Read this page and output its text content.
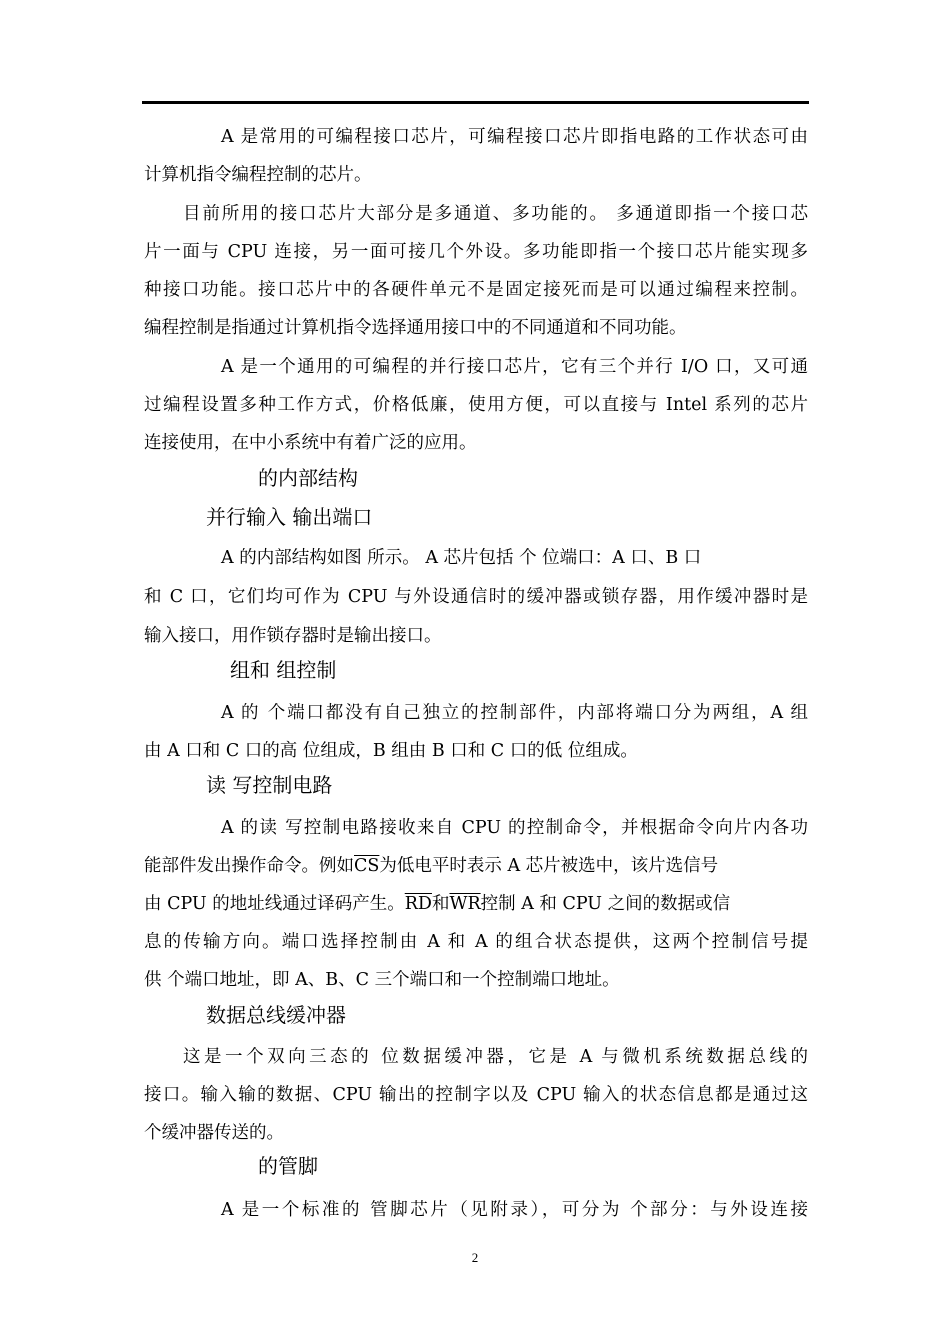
A 是常用的可编程接口芯片，可编程接口芯片即指电路的工作状态可由
计算机指令编程控制的芯片。
目前所用的接口芯片大部分是多通道、多功能的。 多通道即指一个接口芯
片一面与 CPU 连接，另一面可接几个外设。多功能即指一个接口芯片能实现多
种接口功能。接口芯片中的各硬件单元不是固定接死而是可以通过编程来控制。
编程控制是指通过计算机指令选择通用接口中的不同通道和不同功能。
A 是一个通用的可编程的并行接口芯片，它有三个并行 I/O 口，又可通
过编程设置多种工作方式，价格低廉，使用方便，可以直接与 Intel 系列的芯片
连接使用，在中小系统中有着广泛的应用。
的内部结构
并行输入 输出端口
A 的内部结构如图 所示。 A 芯片包括 个 位端口：A 口、B 口
和 C 口，它们均可作为 CPU 与外设通信时的缓冲器或锁存器，用作缓冲器时是
输入接口，用作锁存器时是输出接口。
组和 组控制
A 的 个端口都没有自己独立的控制部件，内部将端口分为两组，A 组
由 A 口和 C 口的高 位组成，B 组由 B 口和 C 口的低 位组成。
读 写控制电路
A 的读 写控制电路接收来自 CPU 的控制命令，并根据命令向片内各功
能部件发出操作命令。例如$\overline{CS}$为低电平时表示 A 芯片被选中，该片选信号
由 CPU 的地址线通过译码产生。$\overline{RD}$和$\overline{WR}$控制 A 和 CPU 之间的数据或信
息的传输方向。端口选择控制由 A 和 A 的组合状态提供，这两个控制信号提
供 个端口地址，即 A、B、C 三个端口和一个控制端口地址。
数据总线缓冲器
这是一个双向三态的 位数据缓冲器，它是 A 与微机系统数据总线的
接口。输入输的数据、CPU 输出的控制字以及 CPU 输入的状态信息都是通过这
个缓冲器传送的。
的管脚
A 是一个标准的 管脚芯片（见附录），可分为 个部分：与外设连接
2
